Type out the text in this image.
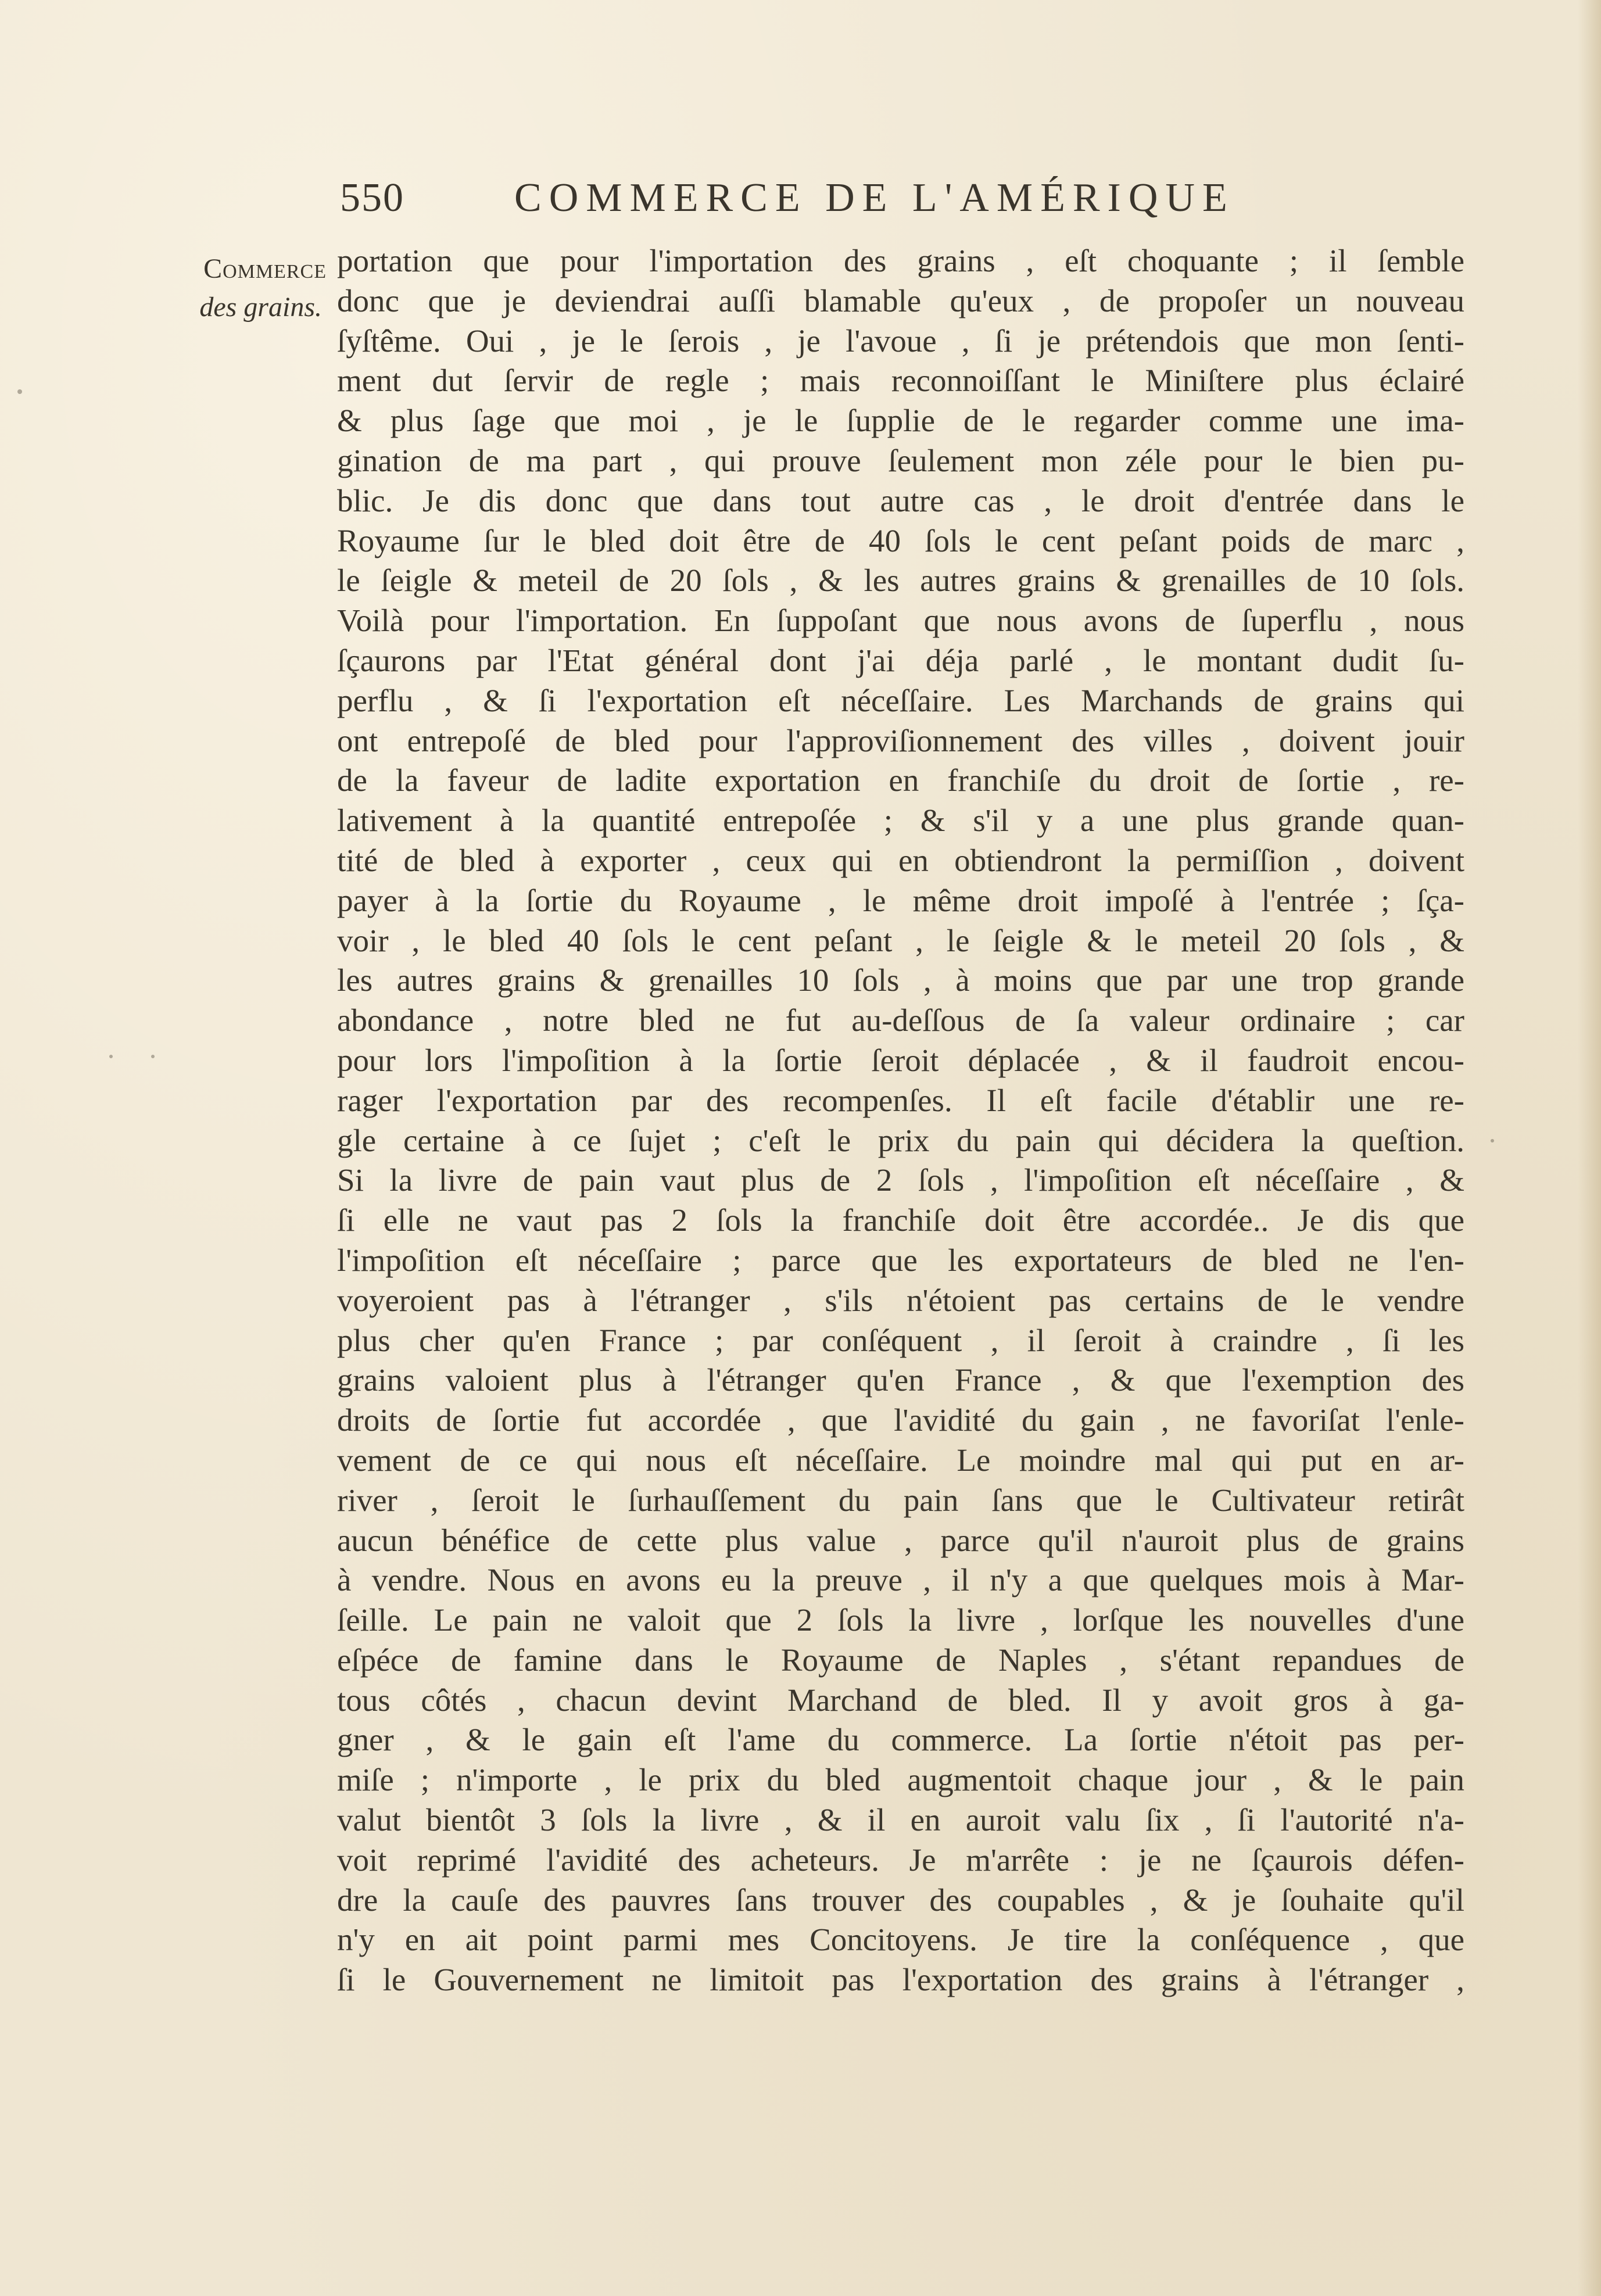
550	COMMERCE DE L'AMÉRIQUE
Commerce
des grains.
portation que pour l'importation des grains , eſt choquante ; il ſemble
donc que je deviendrai auſſi blamable qu'eux , de propoſer un nouveau
ſyſtême. Oui , je le ſerois , je l'avoue , ſi je prétendois que mon ſenti-
ment dut ſervir de regle ; mais reconnoiſſant le Miniſtere plus éclairé
& plus ſage que moi , je le ſupplie de le regarder comme une ima-
gination de ma part , qui prouve ſeulement mon zéle pour le bien pu-
blic. Je dis donc que dans tout autre cas , le droit d'entrée dans le
Royaume ſur le bled doit être de 40 ſols le cent peſant poids de marc ,
le ſeigle & meteil de 20 ſols , & les autres grains & grenailles de 10 ſols.
Voilà pour l'importation. En ſuppoſant que nous avons de ſuperflu , nous
ſçaurons par l'Etat général dont j'ai déja parlé , le montant dudit ſu-
perflu , & ſi l'exportation eſt néceſſaire. Les Marchands de grains qui
ont entrepoſé de bled pour l'approviſionnement des villes , doivent jouir
de la faveur de ladite exportation en franchiſe du droit de ſortie , re-
lativement à la quantité entrepoſée ; & s'il y a une plus grande quan-
tité de bled à exporter , ceux qui en obtiendront la permiſſion , doivent
payer à la ſortie du Royaume , le même droit impoſé à l'entrée ; ſça-
voir , le bled 40 ſols le cent peſant , le ſeigle & le meteil 20 ſols , &
les autres grains & grenailles 10 ſols , à moins que par une trop grande
abondance , notre bled ne fut au-deſſous de ſa valeur ordinaire ; car
pour lors l'impoſition à la ſortie ſeroit déplacée , & il faudroit encou-
rager l'exportation par des recompenſes. Il eſt facile d'établir une re-
gle certaine à ce ſujet ; c'eſt le prix du pain qui décidera la queſtion.
Si la livre de pain vaut plus de 2 ſols , l'impoſition eſt néceſſaire , &
ſi elle ne vaut pas 2 ſols la franchiſe doit être accordée.. Je dis que
l'impoſition eſt néceſſaire ; parce que les exportateurs de bled ne l'en-
voyeroient pas à l'étranger , s'ils n'étoient pas certains de le vendre
plus cher qu'en France ; par conſéquent , il ſeroit à craindre , ſi les
grains valoient plus à l'étranger qu'en France , & que l'exemption des
droits de ſortie fut accordée , que l'avidité du gain , ne favoriſat l'enle-
vement de ce qui nous eſt néceſſaire. Le moindre mal qui put en ar-
river , ſeroit le ſurhauſſement du pain ſans que le Cultivateur retirât
aucun bénéfice de cette plus value , parce qu'il n'auroit plus de grains
à vendre. Nous en avons eu la preuve , il n'y a que quelques mois à Mar-
ſeille. Le pain ne valoit que 2 ſols la livre , lorſque les nouvelles d'une
eſpéce de famine dans le Royaume de Naples , s'étant repandues de
tous côtés , chacun devint Marchand de bled. Il y avoit gros à ga-
gner , & le gain eſt l'ame du commerce. La ſortie n'étoit pas per-
miſe ; n'importe , le prix du bled augmentoit chaque jour , & le pain
valut bientôt 3 ſols la livre , & il en auroit valu ſix , ſi l'autorité n'a-
voit reprimé l'avidité des acheteurs. Je m'arrête : je ne ſçaurois défen-
dre la cauſe des pauvres ſans trouver des coupables , & je ſouhaite qu'il
n'y en ait point parmi mes Concitoyens. Je tire la conſéquence , que
ſi le Gouvernement ne limitoit pas l'exportation des grains à l'étranger ,
